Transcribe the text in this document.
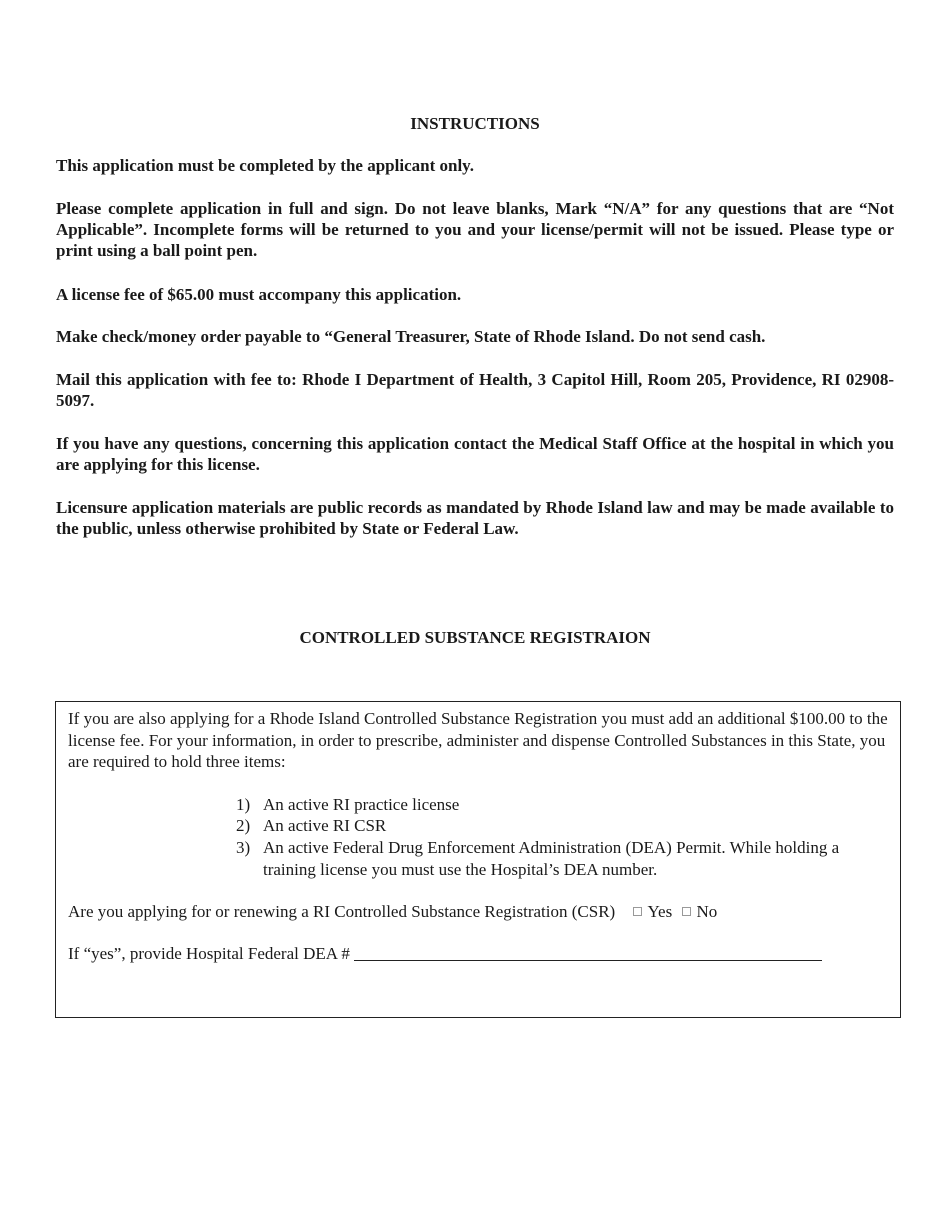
INSTRUCTIONS

This application must be completed by the applicant only.

Please complete application in full and sign. Do not leave blanks, Mark “N/A” for any questions that are “Not Applicable”. Incomplete forms will be returned to you and your license/permit will not be issued. Please type or print using a ball point pen.

A license fee of $65.00 must accompany this application.

Make check/money order payable to “General Treasurer, State of Rhode Island. Do not send cash.

Mail this application with fee to: Rhode I Department of Health, 3 Capitol Hill, Room 205, Providence, RI 02908-5097.

If you have any questions, concerning this application contact the Medical Staff Office at the hospital in which you are applying for this license.

Licensure application materials are public records as mandated by Rhode Island law and may be made available to the public, unless otherwise prohibited by State or Federal Law.

CONTROLLED SUBSTANCE REGISTRAION

If you are also applying for a Rhode Island Controlled Substance Registration you must add an additional $100.00 to the license fee. For your information, in order to prescribe, administer and dispense Controlled Substances in this State, you are required to hold three items:

1) An active RI practice license
2) An active RI CSR
3) An active Federal Drug Enforcement Administration (DEA) Permit. While holding a training license you must use the Hospital’s DEA number.
Are you applying for or renewing a RI Controlled Substance Registration (CSR) Yes No
If “yes”, provide Hospital Federal DEA #
